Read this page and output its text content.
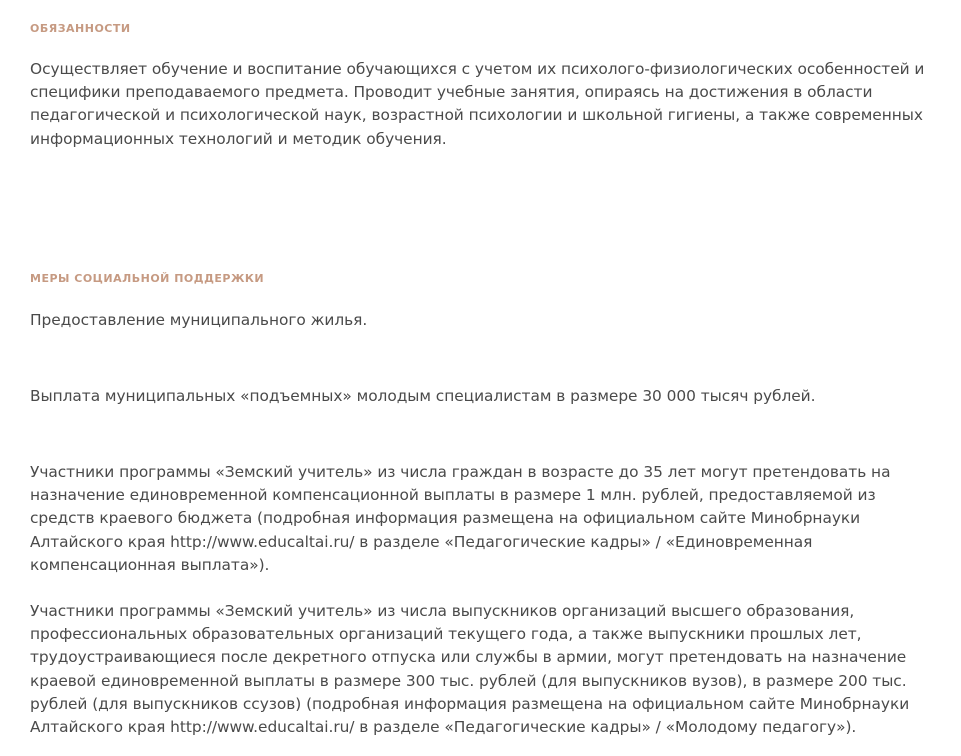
ОБЯЗАННОСТИ

Осуществляет обучение и воспитание обучающихся с учетом их психолого-физиологических особенностей и специфики преподаваемого предмета. Проводит учебные занятия, опираясь на достижения в области педагогической и психологической наук, возрастной психологии и школьной гигиены, а также современных информационных технологий и методик обучения.

МЕРЫ СОЦИАЛЬНОЙ ПОДДЕРЖКИ

Предоставление муниципального жилья.

Выплата муниципальных «подъемных» молодым специалистам в размере 30 000 тысяч рублей.

Участники программы «Земский учитель» из числа граждан в возрасте до 35 лет могут претендовать на назначение единовременной компенсационной выплаты в размере 1 млн. рублей, предоставляемой из средств краевого бюджета (подробная информация размещена на официальном сайте Минобрнауки Алтайского края http://www.educaltai.ru/ в разделе «Педагогические кадры» / «Единовременная компенсационная выплата»).

Участники программы «Земский учитель» из числа выпускников организаций высшего образования, профессиональных образовательных организаций текущего года, а также выпускники прошлых лет, трудоустраивающиеся после декретного отпуска или службы в армии, могут претендовать на назначение краевой единовременной выплаты в размере 300 тыс. рублей (для выпускников вузов), в размере 200 тыс. рублей (для выпускников ссузов) (подробная информация размещена на официальном сайте Минобрнауки Алтайского края http://www.educaltai.ru/ в разделе «Педагогические кадры» / «Молодому педагогу»).
